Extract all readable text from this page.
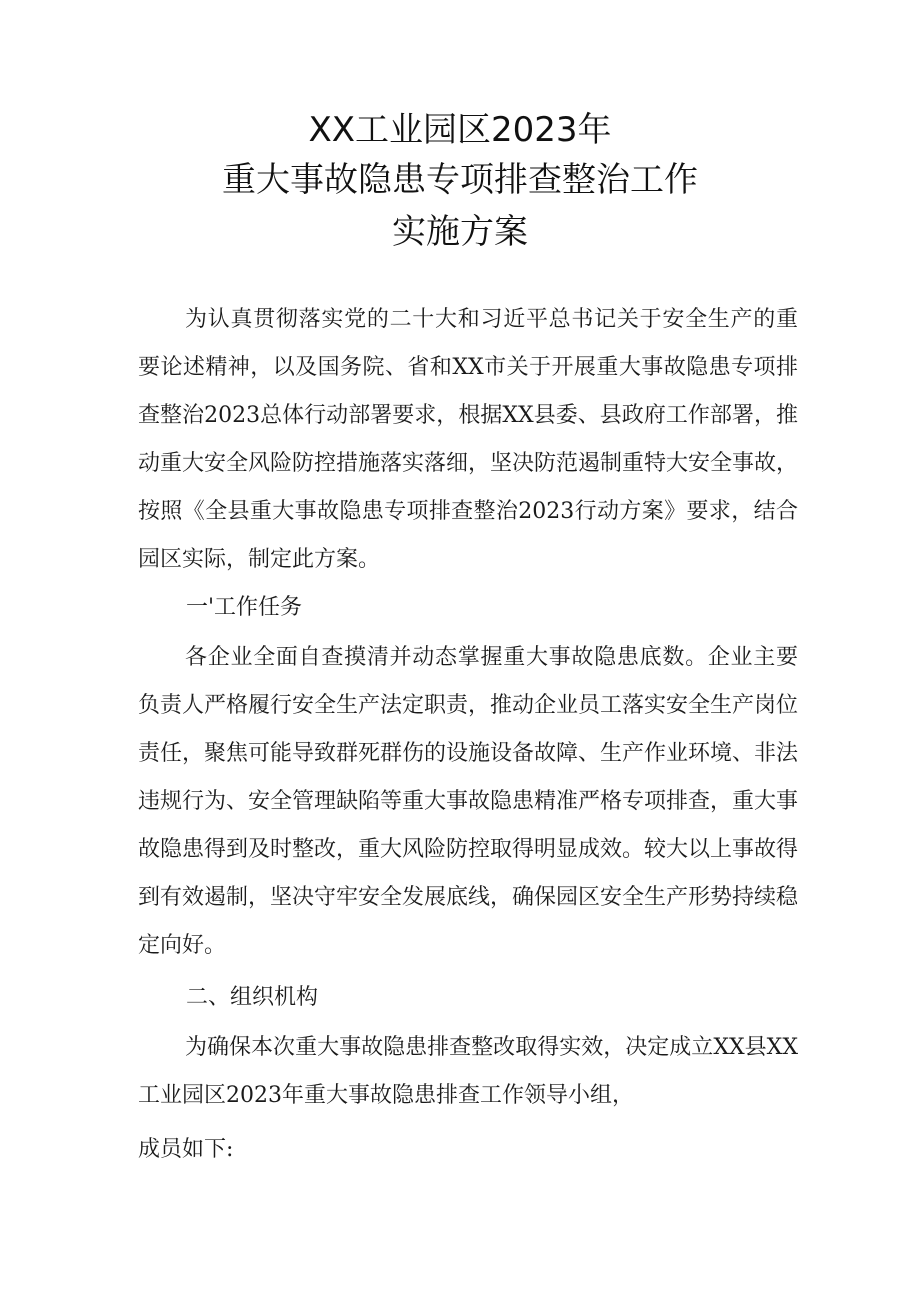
XX工业园区2023年
重大事故隐患专项排查整治工作
实施方案

为认真贯彻落实党的二十大和习近平总书记关于安全生产的重要论述精神，以及国务院、省和XX市关于开展重大事故隐患专项排查整治2023总体行动部署要求，根据XX县委、县政府工作部署，推动重大安全风险防控措施落实落细，坚决防范遏制重特大安全事故，按照《全县重大事故隐患专项排查整治2023行动方案》要求，结合园区实际，制定此方案。

一'工作任务

各企业全面自查摸清并动态掌握重大事故隐患底数。企业主要负责人严格履行安全生产法定职责，推动企业员工落实安全生产岗位责任，聚焦可能导致群死群伤的设施设备故障、生产作业环境、非法违规行为、安全管理缺陷等重大事故隐患精准严格专项排查，重大事故隐患得到及时整改，重大风险防控取得明显成效。较大以上事故得到有效遏制，坚决守牢安全发展底线，确保园区安全生产形势持续稳定向好。

二、组织机构

为确保本次重大事故隐患排查整改取得实效，决定成立XX县XX工业园区2023年重大事故隐患排查工作领导小组，

成员如下:
